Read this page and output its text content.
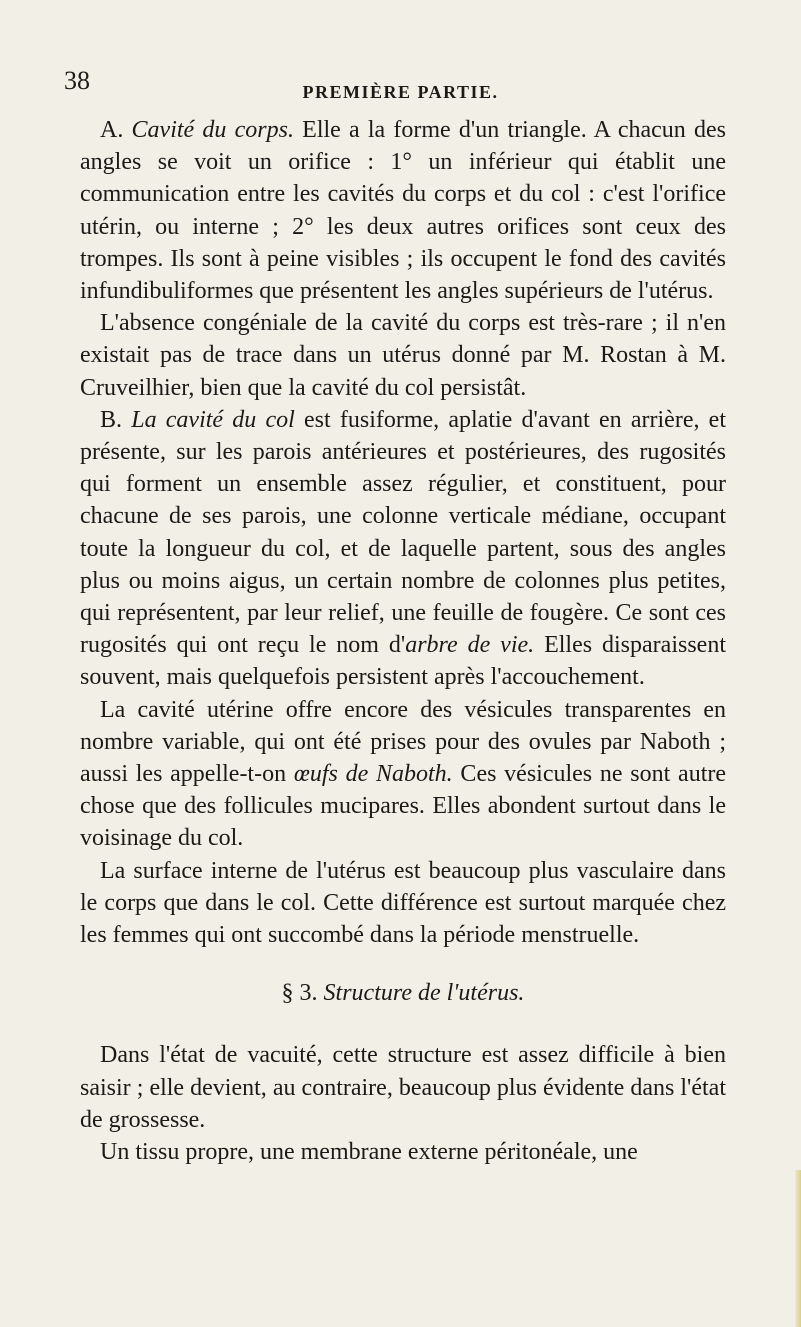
38	PREMIÈRE PARTIE.

A. Cavité du corps. Elle a la forme d'un triangle. A chacun des angles se voit un orifice : 1° un inférieur qui établit une communication entre les cavités du corps et du col : c'est l'orifice utérin, ou interne ; 2° les deux autres orifices sont ceux des trompes. Ils sont à peine visibles ; ils occupent le fond des cavités infundibuliformes que présentent les angles supérieurs de l'utérus.

L'absence congéniale de la cavité du corps est très-rare ; il n'en existait pas de trace dans un utérus donné par M. Rostan à M. Cruveilhier, bien que la cavité du col persistât.

B. La cavité du col est fusiforme, aplatie d'avant en arrière, et présente, sur les parois antérieures et postérieures, des rugosités qui forment un ensemble assez régulier, et constituent, pour chacune de ses parois, une colonne verticale médiane, occupant toute la longueur du col, et de laquelle partent, sous des angles plus ou moins aigus, un certain nombre de colonnes plus petites, qui représentent, par leur relief, une feuille de fougère. Ce sont ces rugosités qui ont reçu le nom d'arbre de vie. Elles disparaissent souvent, mais quelquefois persistent après l'accouchement.

La cavité utérine offre encore des vésicules transparentes en nombre variable, qui ont été prises pour des ovules par Naboth ; aussi les appelle-t-on œufs de Naboth. Ces vésicules ne sont autre chose que des follicules mucipares. Elles abondent surtout dans le voisinage du col.

La surface interne de l'utérus est beaucoup plus vasculaire dans le corps que dans le col. Cette différence est surtout marquée chez les femmes qui ont succombé dans la période menstruelle.

§ 3. Structure de l'utérus.

Dans l'état de vacuité, cette structure est assez difficile à bien saisir ; elle devient, au contraire, beaucoup plus évidente dans l'état de grossesse.

Un tissu propre, une membrane externe péritonéale, une
